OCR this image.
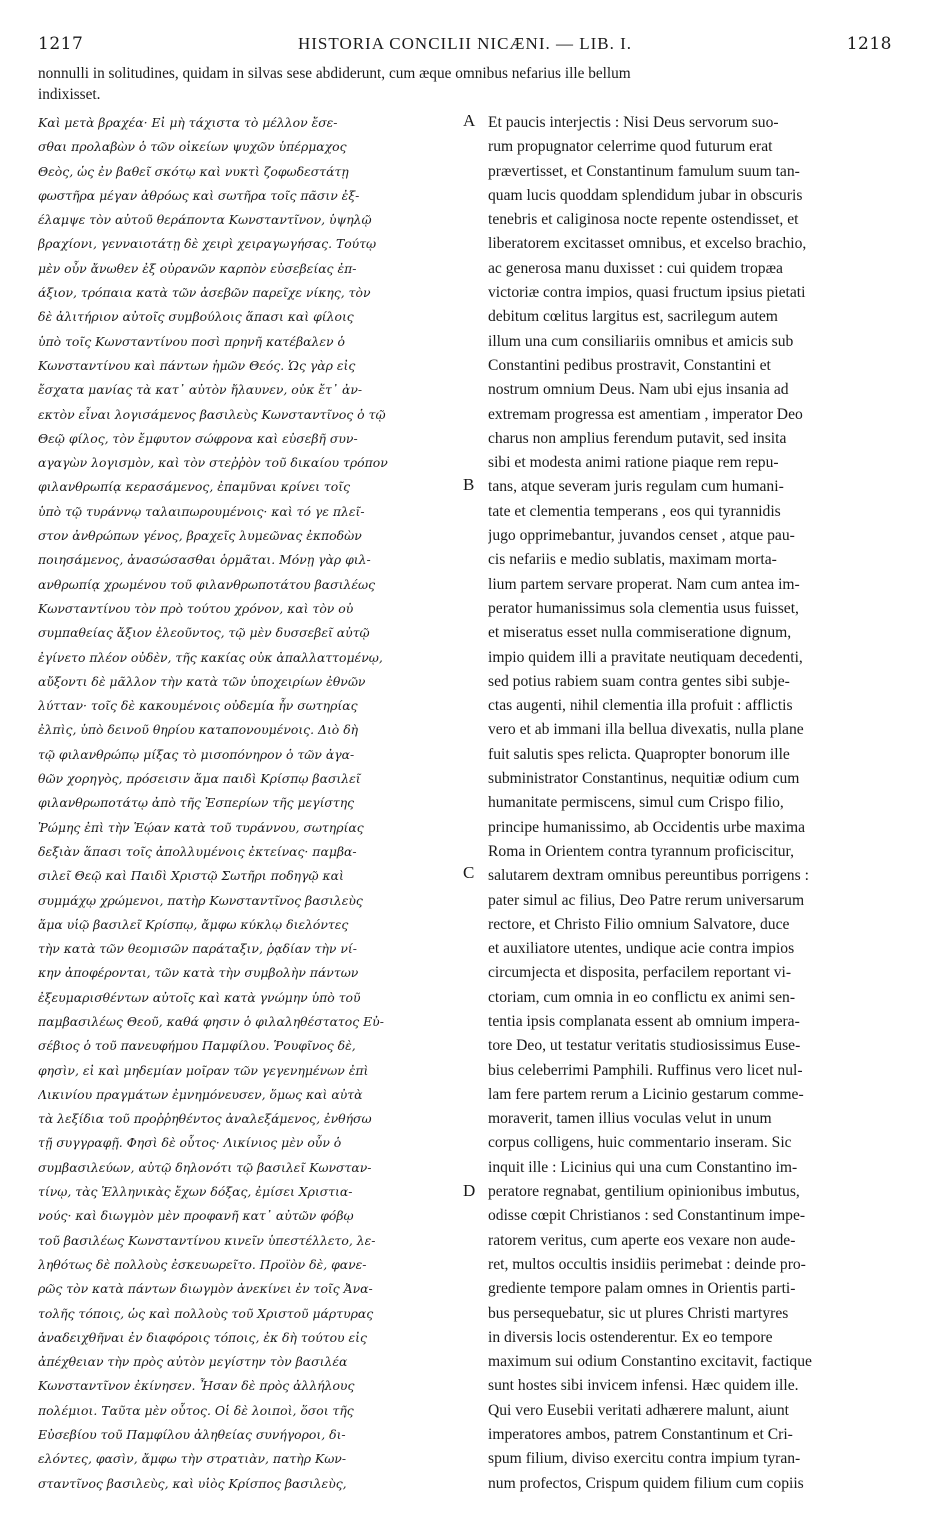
1217	HISTORIA CONCILII NICÆNI. — LIB. I.	1218
nonnulli in solitudines, quidam in silvas sese abdiderunt, cum æque omnibus nefarius ille bellum
indixisset.
Καὶ μετὰ βραχέα· Εἰ μὴ τάχιστα τὸ μέλλον ἔσε-
σθαι προλαβὼν ὁ τῶν οἰκείων ψυχῶν ὑπέρμαχος
Θεὸς, ὡς ἐν βαθεῖ σκότῳ καὶ νυκτὶ ζοφωδεστάτῃ
φωστῆρα μέγαν ἀθρόως καὶ σωτῆρα τοῖς πᾶσιν ἐξ-
έλαμψε τὸν αὐτοῦ θεράποντα Κωνσταντῖνον, ὑψηλῷ
βραχίονι, γενναιοτάτῃ δὲ χειρὶ χειραγωγήσας. Τούτῳ
μὲν οὖν ἄνωθεν ἐξ οὐρανῶν καρπὸν εὐσεβείας ἐπ-
άξιον, τρόπαια κατὰ τῶν ἀσεβῶν παρεῖχε νίκης, τὸν
δὲ ἀλιτήριον αὐτοῖς συμβούλοις ἅπασι καὶ φίλοις
ὑπὸ τοῖς Κωνσταντίνου ποσὶ πρηνῆ κατέβαλεν ὁ
Κωνσταντίνου καὶ πάντων ἡμῶν Θεός. Ὡς γὰρ εἰς
ἔσχατα μανίας τὰ κατ᾽ αὐτὸν ἤλαυνεν, οὐκ ἔτ᾽ ἀν-
εκτὸν εἶναι λογισάμενος βασιλεὺς Κωνσταντῖνος ὁ τῷ
Θεῷ φίλος, τὸν ἔμφυτον σώφρονα καὶ εὐσεβῆ συν-
αγαγὼν λογισμὸν, καὶ τὸν στεῤῥὸν τοῦ δικαίου τρόπον
φιλανθρωπίᾳ κερασάμενος, ἐπαμῦναι κρίνει τοῖς
ὑπὸ τῷ τυράννῳ ταλαιπωρουμένοις· καὶ τό γε πλεῖ-
στον ἀνθρώπων γένος, βραχεῖς λυμεῶνας ἐκποδὼν
ποιησάμενος, ἀνασώσασθαι ὁρμᾶται. Μόνῃ γὰρ φιλ-
ανθρωπίᾳ χρωμένου τοῦ φιλανθρωποτάτου βασιλέως
Κωνσταντίνου τὸν πρὸ τούτου χρόνον, καὶ τὸν οὐ
συμπαθείας ἄξιον ἐλεοῦντος, τῷ μὲν δυσσεβεῖ αὐτῷ
ἐγίνετο πλέον οὐδὲν, τῆς κακίας οὐκ ἀπαλλαττομένῳ,
αὔξοντι δὲ μᾶλλον τὴν κατὰ τῶν ὑποχειρίων ἐθνῶν
λύτταν· τοῖς δὲ κακουμένοις οὐδεμία ἦν σωτηρίας
ἐλπὶς, ὑπὸ δεινοῦ θηρίου καταπονουμένοις. Διὸ δὴ
τῷ φιλανθρώπῳ μίξας τὸ μισοπόνηρον ὁ τῶν ἀγα-
θῶν χορηγὸς, πρόσεισιν ἅμα παιδὶ Κρίσπῳ βασιλεῖ
φιλανθρωποτάτῳ ἀπὸ τῆς Ἑσπερίων τῆς μεγίστης
Ῥώμης ἐπὶ τὴν Ἑῴαν κατὰ τοῦ τυράννου, σωτηρίας
δεξιὰν ἅπασι τοῖς ἀπολλυμένοις ἐκτείνας· παμβα-
σιλεῖ Θεῷ καὶ Παιδὶ Χριστῷ Σωτῆρι ποδηγῷ καὶ
συμμάχῳ χρώμενοι, πατὴρ Κωνσταντῖνος βασιλεὺς
ἅμα υἱῷ βασιλεῖ Κρίσπῳ, ἄμφω κύκλῳ διελόντες
τὴν κατὰ τῶν θεομισῶν παράταξιν, ῥᾳδίαν τὴν νί-
κην ἀποφέρονται, τῶν κατὰ τὴν συμβολὴν πάντων
ἐξευμαρισθέντων αὐτοῖς καὶ κατὰ γνώμην ὑπὸ τοῦ
παμβασιλέως Θεοῦ, καθά φησιν ὁ φιλαληθέστατος Εὐ-
σέβιος ὁ τοῦ πανευφήμου Παμφίλου. Ῥουφῖνος δὲ,
φησὶν, εἰ καὶ μηδεμίαν μοῖραν τῶν γεγενημένων ἐπὶ
Λικινίου πραγμάτων ἐμνημόνευσεν, ὅμως καὶ αὐτὰ
τὰ λεξίδια τοῦ προῤῥηθέντος ἀναλεξάμενος, ἐνθήσω
τῇ συγγραφῇ. Φησὶ δὲ οὗτος· Λικίνιος μὲν οὖν ὁ
συμβασιλεύων, αὐτῷ δηλονότι τῷ βασιλεῖ Κωνσταν-
τίνῳ, τὰς Ἑλληνικὰς ἔχων δόξας, ἐμίσει Χριστια-
νούς· καὶ διωγμὸν μὲν προφανῆ κατ᾽ αὐτῶν φόβῳ
τοῦ βασιλέως Κωνσταντίνου κινεῖν ὑπεστέλλετο, λε-
ληθότως δὲ πολλοὺς ἐσκευωρεῖτο. Προϊὸν δὲ, φανε-
ρῶς τὸν κατὰ πάντων διωγμὸν ἀνεκίνει ἐν τοῖς Ἀνα-
τολῆς τόποις, ὡς καὶ πολλοὺς τοῦ Χριστοῦ μάρτυρας
ἀναδειχθῆναι ἐν διαφόροις τόποις, ἐκ δὴ τούτου εἰς
ἀπέχθειαν τὴν πρὸς αὐτὸν μεγίστην τὸν βασιλέα
Κωνσταντῖνον ἐκίνησεν. Ἦσαν δὲ πρὸς ἀλλήλους
πολέμιοι. Ταῦτα μὲν οὗτος. Οἱ δὲ λοιποὶ, ὅσοι τῆς
Εὐσεβίου τοῦ Παμφίλου ἀληθείας συνήγοροι, δι-
ελόντες, φασὶν, ἄμφω τὴν στρατιὰν, πατὴρ Κων-
σταντῖνος βασιλεὺς, καὶ υἱὸς Κρίσπος βασιλεὺς,
Et paucis interjectis : Nisi Deus servorum suo-
rum propugnator celerrime quod futurum erat
prævertisset, et Constantinum famulum suum tan-
quam lucis quoddam splendidum jubar in obscuris
tenebris et caliginosa nocte repente ostendisset, et
liberatorem excitasset omnibus, et excelso brachio,
ac generosa manu duxisset : cui quidem tropæa
victoriæ contra impios, quasi fructum ipsius pietati
debitum cœlitus largitus est, sacrilegum autem
illum una cum consiliariis omnibus et amicis sub
Constantini pedibus prostravit, Constantini et
nostrum omnium Deus. Nam ubi ejus insania ad
extremam progressa est amentiam , imperator Deo
charus non amplius ferendum putavit, sed insita
sibi et modesta animi ratione piaque rem repu-
tans, atque severam juris regulam cum humani-
tate et clementia temperans , eos qui tyrannidis
jugo opprimebantur, juvandos censet , atque pau-
cis nefariis e medio sublatis, maximam morta-
lium partem servare properat. Nam cum antea im-
perator humanissimus sola clementia usus fuisset,
et miseratus esset nulla commiseratione dignum,
impio quidem illi a pravitate neutiquam decedenti,
sed potius rabiem suam contra gentes sibi subje-
ctas augenti, nihil clementia illa profuit : afflictis
vero et ab immani illa bellua divexatis, nulla plane
fuit salutis spes relicta. Quapropter bonorum ille
subministrator Constantinus, nequitiæ odium cum
humanitate permiscens, simul cum Crispo filio,
principe humanissimo, ab Occidentis urbe maxima
Roma in Orientem contra tyrannum proficiscitur,
salutarem dextram omnibus pereuntibus porrigens :
pater simul ac filius, Deo Patre rerum universarum
rectore, et Christo Filio omnium Salvatore, duce
et auxiliatore utentes, undique acie contra impios
circumjecta et disposita, perfacilem reportant vi-
ctoriam, cum omnia in eo conflictu ex animi sen-
tentia ipsis complanata essent ab omnium impera-
tore Deo, ut testatur veritatis studiosissimus Euse-
bius celeberrimi Pamphili. Ruffinus vero licet nul-
lam fere partem rerum a Licinio gestarum comme-
moraverit, tamen illius voculas velut in unum
corpus colligens, huic commentario inseram. Sic
inquit ille : Licinius qui una cum Constantino im-
peratore regnabat, gentilium opinionibus imbutus,
odisse cœpit Christianos : sed Constantinum impe-
ratorem veritus, cum aperte eos vexare non aude-
ret, multos occultis insidiis perimebat : deinde pro-
grediente tempore palam omnes in Orientis parti-
bus persequebatur, sic ut plures Christi martyres
in diversis locis ostenderentur. Ex eo tempore
maximum sui odium Constantino excitavit, factique
sunt hostes sibi invicem infensi. Hæc quidem ille.
Qui vero Eusebii veritati adhærere malunt, aiunt
imperatores ambos, patrem Constantinum et Cri-
spum filium, diviso exercitu contra impium tyran-
num profectos, Crispum quidem filium cum copiis
A
B
C
D
